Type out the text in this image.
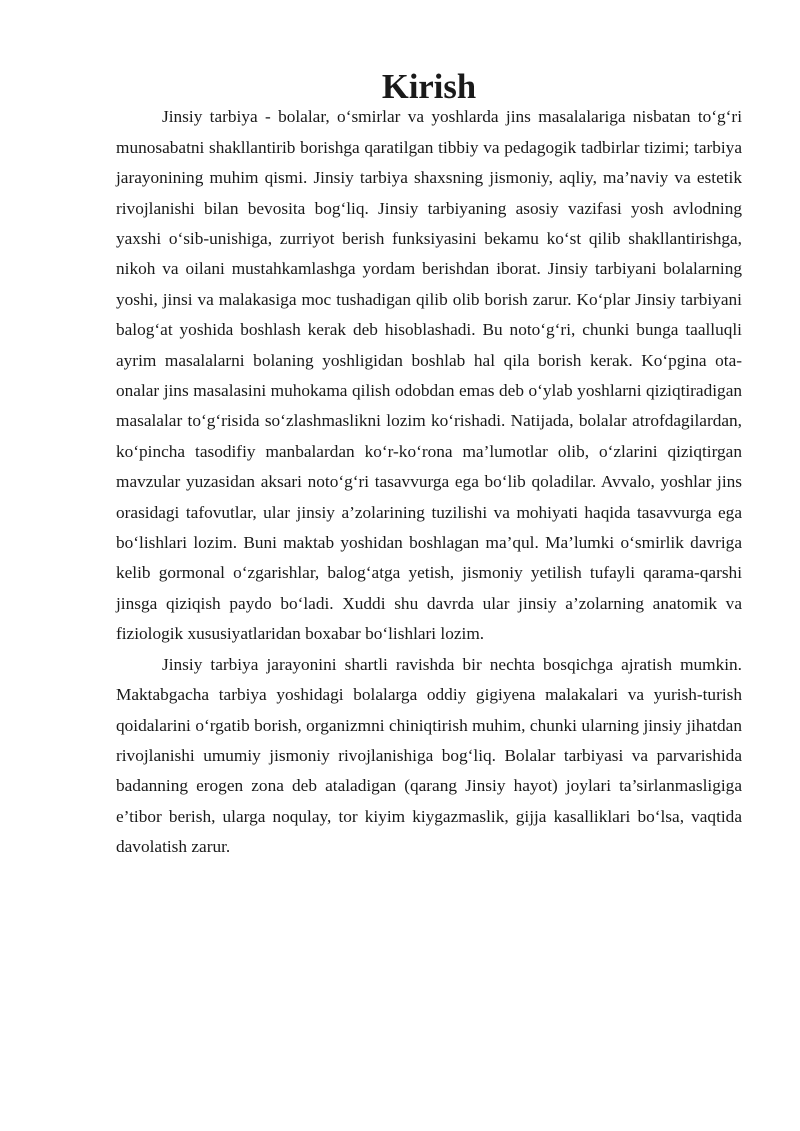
Kirish

Jinsiy tarbiya - bolalar, o‘smirlar va yoshlarda jins masalalariga nisbatan to‘g‘ri munosabatni shakllantirib borishga qaratilgan tibbiy va pedagogik tadbirlar tizimi; tarbiya jarayonining muhim qismi. Jinsiy tarbiya shaxsning jismoniy, aqliy, ma’naviy va estetik rivojlanishi bilan bevosita bog‘liq. Jinsiy tarbiyaning asosiy vazifasi yosh avlodning yaxshi o‘sib-unishiga, zurriyot berish funksiyasini bekamu ko‘st qilib shakllantirishga, nikoh va oilani mustahkamlashga yordam berishdan iborat. Jinsiy tarbiyani bolalarning yoshi, jinsi va malakasiga moc tushadigan qilib olib borish zarur. Ko‘plar Jinsiy tarbiyani balog‘at yoshida boshlash kerak deb hisoblashadi. Bu noto‘g‘ri, chunki bunga taalluqli ayrim masalalarni bolaning yoshligidan boshlab hal qila borish kerak. Ko‘pgina ota-onalar jins masalasini muhokama qilish odobdan emas deb o‘ylab yoshlarni qiziqtiradigan masalalar to‘g‘risida so‘zlashmaslikni lozim ko‘rishadi. Natijada, bolalar atrofdagilardan, ko‘pincha tasodifiy manbalardan ko‘r-ko‘rona ma’lumotlar olib, o‘zlarini qiziqtirgan mavzular yuzasidan aksari noto‘g‘ri tasavvurga ega bo‘lib qoladilar. Avvalo, yoshlar jins orasidagi tafovutlar, ular jinsiy a’zolarining tuzilishi va mohiyati haqida tasavvurga ega bo‘lishlari lozim. Buni maktab yoshidan boshlagan ma’qul. Ma’lumki o‘smirlik davriga kelib gormonal o‘zgarishlar, balog‘atga yetish, jismoniy yetilish tufayli qarama-qarshi jinsga qiziqish paydo bo‘ladi. Xuddi shu davrda ular jinsiy a’zolarning anatomik va fiziologik xususiyatlaridan boxabar bo‘lishlari lozim.

Jinsiy tarbiya jarayonini shartli ravishda bir nechta bosqichga ajratish mumkin. Maktabgacha tarbiya yoshidagi bolalarga oddiy gigiyena malakalari va yurish-turish qoidalarini o‘rgatib borish, organizmni chiniqtirish muhim, chunki ularning jinsiy jihatdan rivojlanishi umumiy jismoniy rivojlanishiga bog‘liq. Bolalar tarbiyasi va parvarishida badanning erogen zona deb ataladigan (qarang Jinsiy hayot) joylari ta’sirlanmasligiga e’tibor berish, ularga noqulay, tor kiyim kiygazmaslik, gijja kasalliklari bo‘lsa, vaqtida davolatish zarur.
